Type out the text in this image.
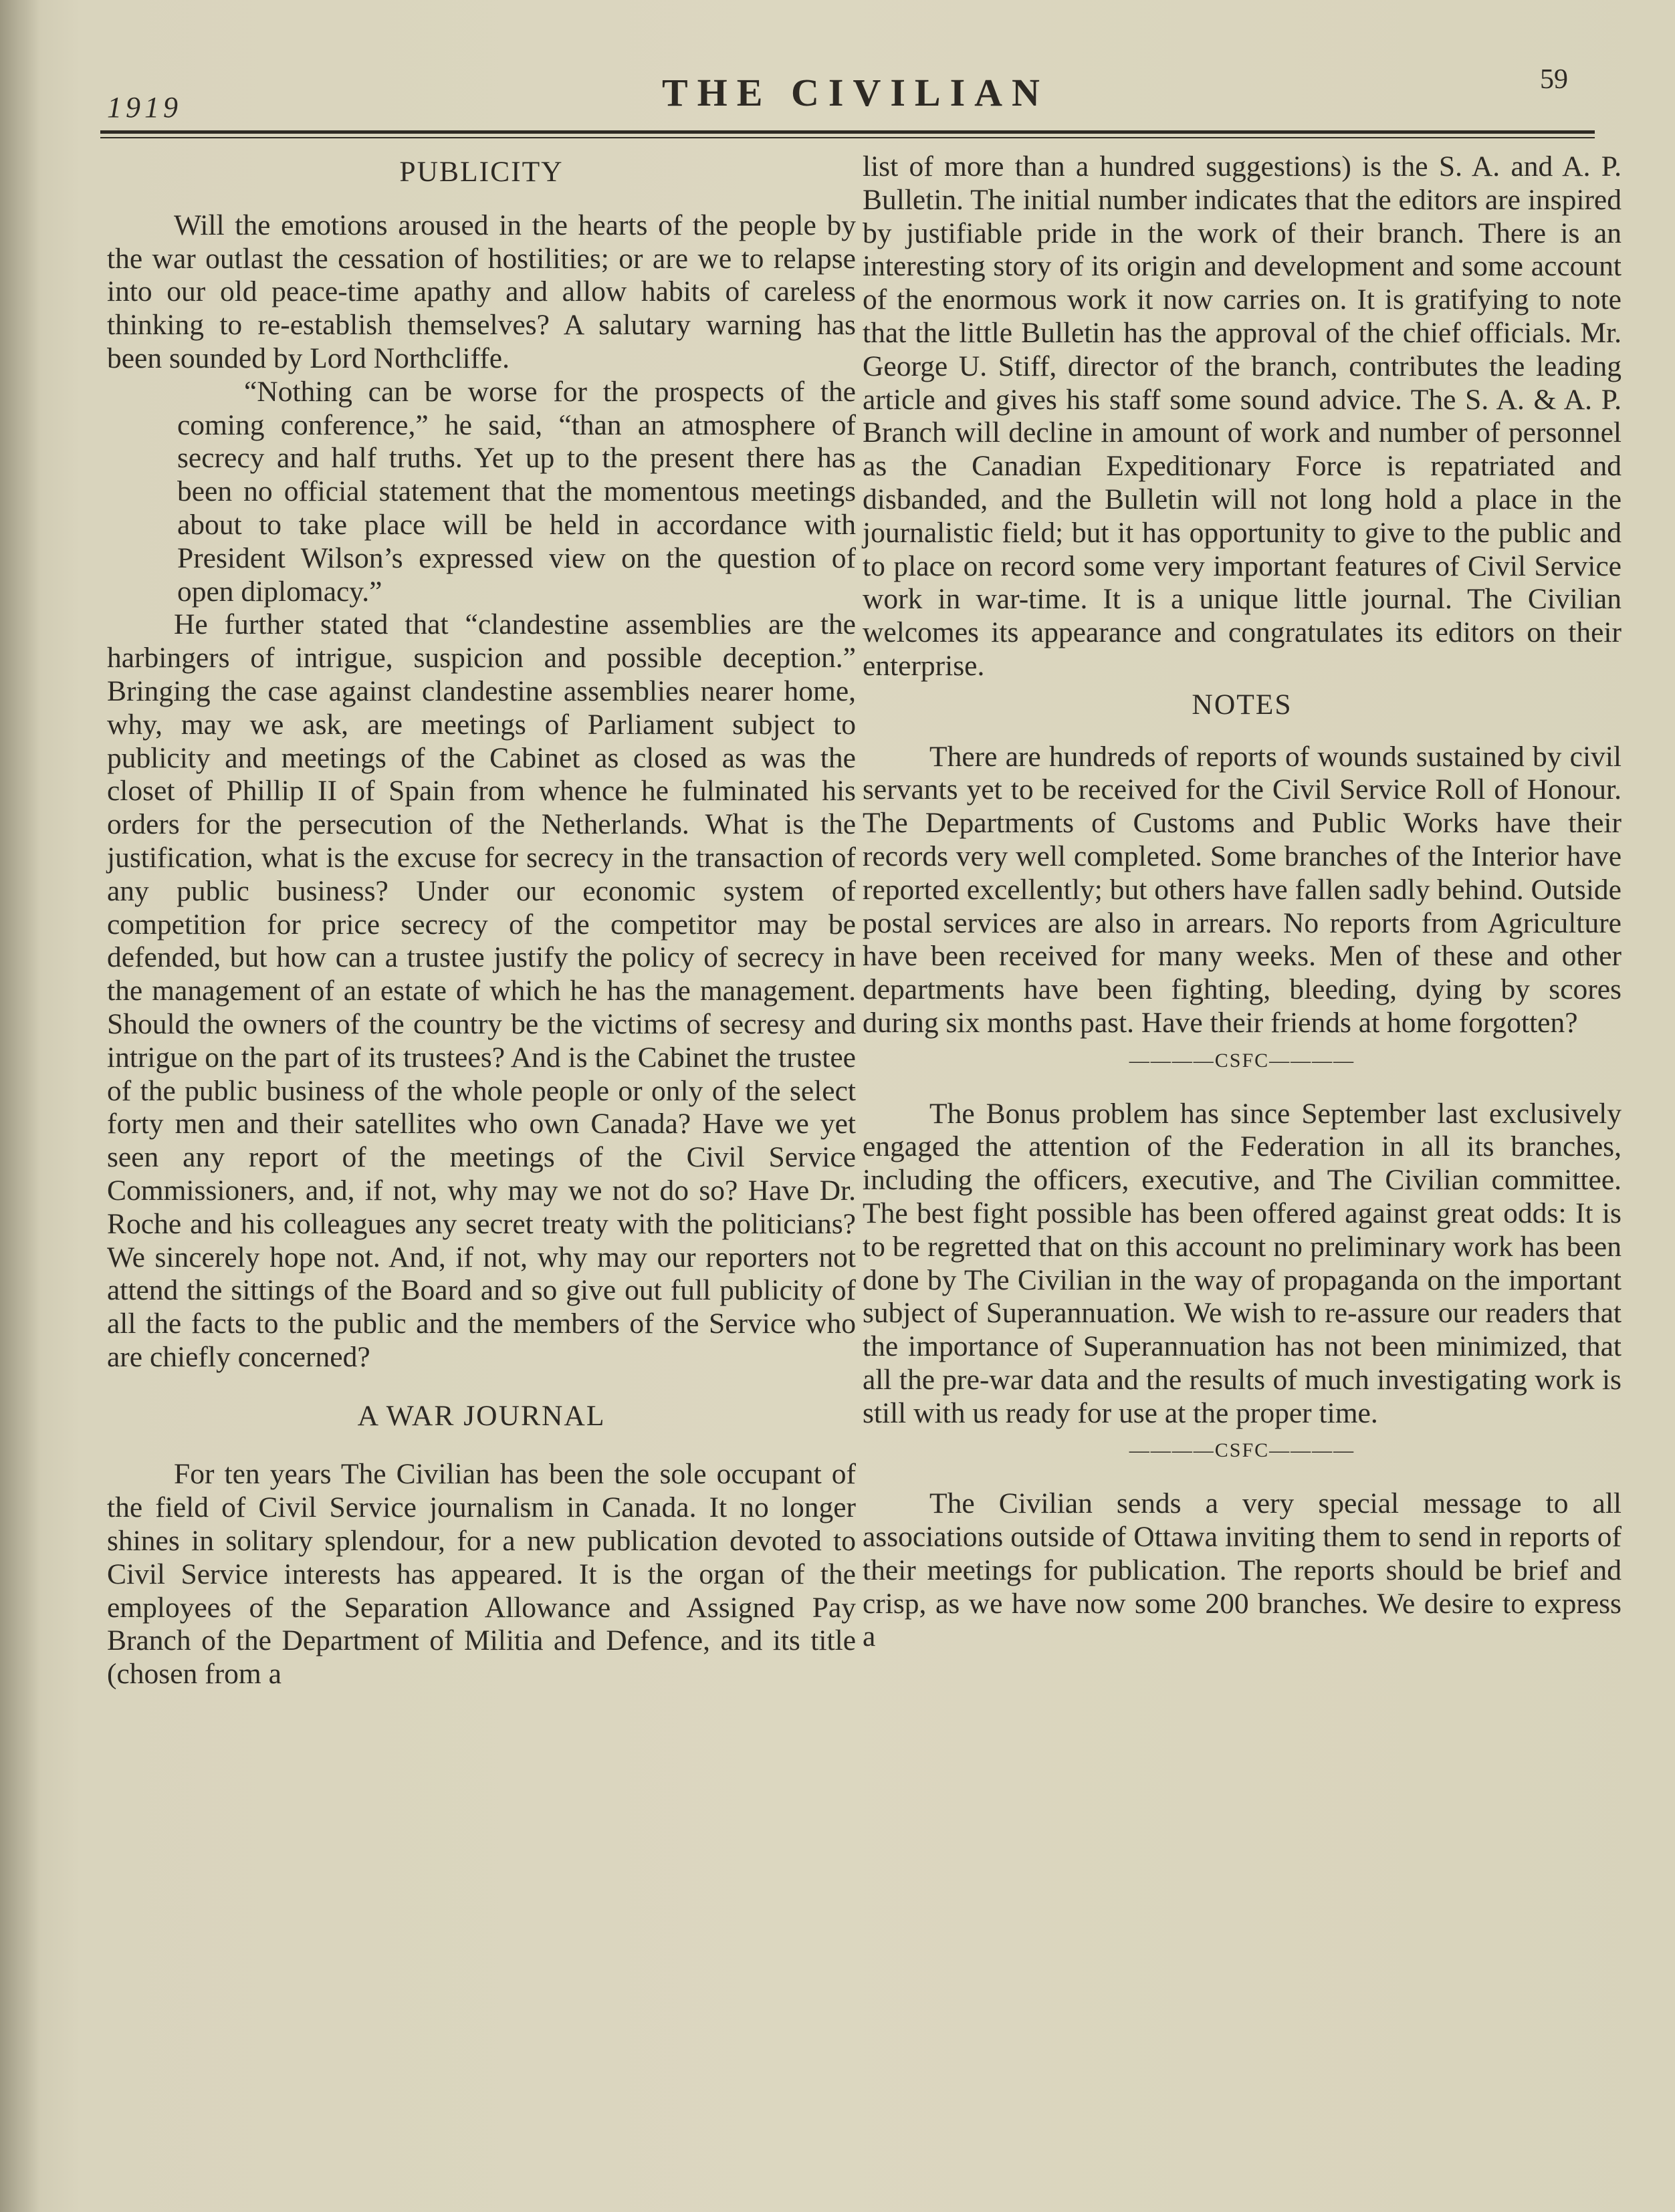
1919	THE CIVILIAN	59
PUBLICITY

Will the emotions aroused in the hearts of the people by the war outlast the cessation of hostilities; or are we to relapse into our old peace-time apathy and allow habits of careless thinking to re-establish themselves? A salutary warning has been sounded by Lord Northcliffe.

“Nothing can be worse for the prospects of the coming conference,” he said, “than an atmosphere of secrecy and half truths. Yet up to the present there has been no official statement that the momentous meetings about to take place will be held in accordance with President Wilson’s expressed view on the question of open diplomacy.”

He further stated that “clandestine assemblies are the harbingers of intrigue, suspicion and possible deception.” Bringing the case against clandestine assemblies nearer home, why, may we ask, are meetings of Parliament subject to publicity and meetings of the Cabinet as closed as was the closet of Phillip II of Spain from whence he fulminated his orders for the persecution of the Netherlands. What is the justification, what is the excuse for secrecy in the transaction of any public business? Under our economic system of competition for price secrecy of the competitor may be defended, but how can a trustee justify the policy of secrecy in the management of an estate of which he has the management. Should the owners of the country be the victims of secresy and intrigue on the part of its trustees? And is the Cabinet the trustee of the public business of the whole people or only of the select forty men and their satellites who own Canada? Have we yet seen any report of the meetings of the Civil Service Commissioners, and, if not, why may we not do so? Have Dr. Roche and his colleagues any secret treaty with the politicians? We sincerely hope not. And, if not, why may our reporters not attend the sittings of the Board and so give out full publicity of all the facts to the public and the members of the Service who are chiefly concerned?

A WAR JOURNAL

For ten years The Civilian has been the sole occupant of the field of Civil Service journalism in Canada. It no longer shines in solitary splendour, for a new publication devoted to Civil Service interests has appeared. It is the organ of the employees of the Separation Allowance and Assigned Pay Branch of the Department of Militia and Defence, and its title (chosen from a

list of more than a hundred suggestions) is the S. A. and A. P. Bulletin. The initial number indicates that the editors are inspired by justifiable pride in the work of their branch. There is an interesting story of its origin and development and some account of the enormous work it now carries on. It is gratifying to note that the little Bulletin has the approval of the chief officials. Mr. George U. Stiff, director of the branch, contributes the leading article and gives his staff some sound advice. The S. A. & A. P. Branch will decline in amount of work and number of personnel as the Canadian Expeditionary Force is repatriated and disbanded, and the Bulletin will not long hold a place in the journalistic field; but it has opportunity to give to the public and to place on record some very important features of Civil Service work in war-time. It is a unique little journal. The Civilian welcomes its appearance and congratulates its editors on their enterprise.

NOTES

There are hundreds of reports of wounds sustained by civil servants yet to be received for the Civil Service Roll of Honour. The Departments of Customs and Public Works have their records very well completed. Some branches of the Interior have reported excellently; but others have fallen sadly behind. Outside postal services are also in arrears. No reports from Agriculture have been received for many weeks. Men of these and other departments have been fighting, bleeding, dying by scores during six months past. Have their friends at home forgotten?

————CSFC————

The Bonus problem has since September last exclusively engaged the attention of the Federation in all its branches, including the officers, executive, and The Civilian committee. The best fight possible has been offered against great odds: It is to be regretted that on this account no preliminary work has been done by The Civilian in the way of propaganda on the important subject of Superannuation. We wish to re-assure our readers that the importance of Superannuation has not been minimized, that all the pre-war data and the results of much investigating work is still with us ready for use at the proper time.

————CSFC————

The Civilian sends a very special message to all associations outside of Ottawa inviting them to send in reports of their meetings for publication. The reports should be brief and crisp, as we have now some 200 branches. We desire to express a
